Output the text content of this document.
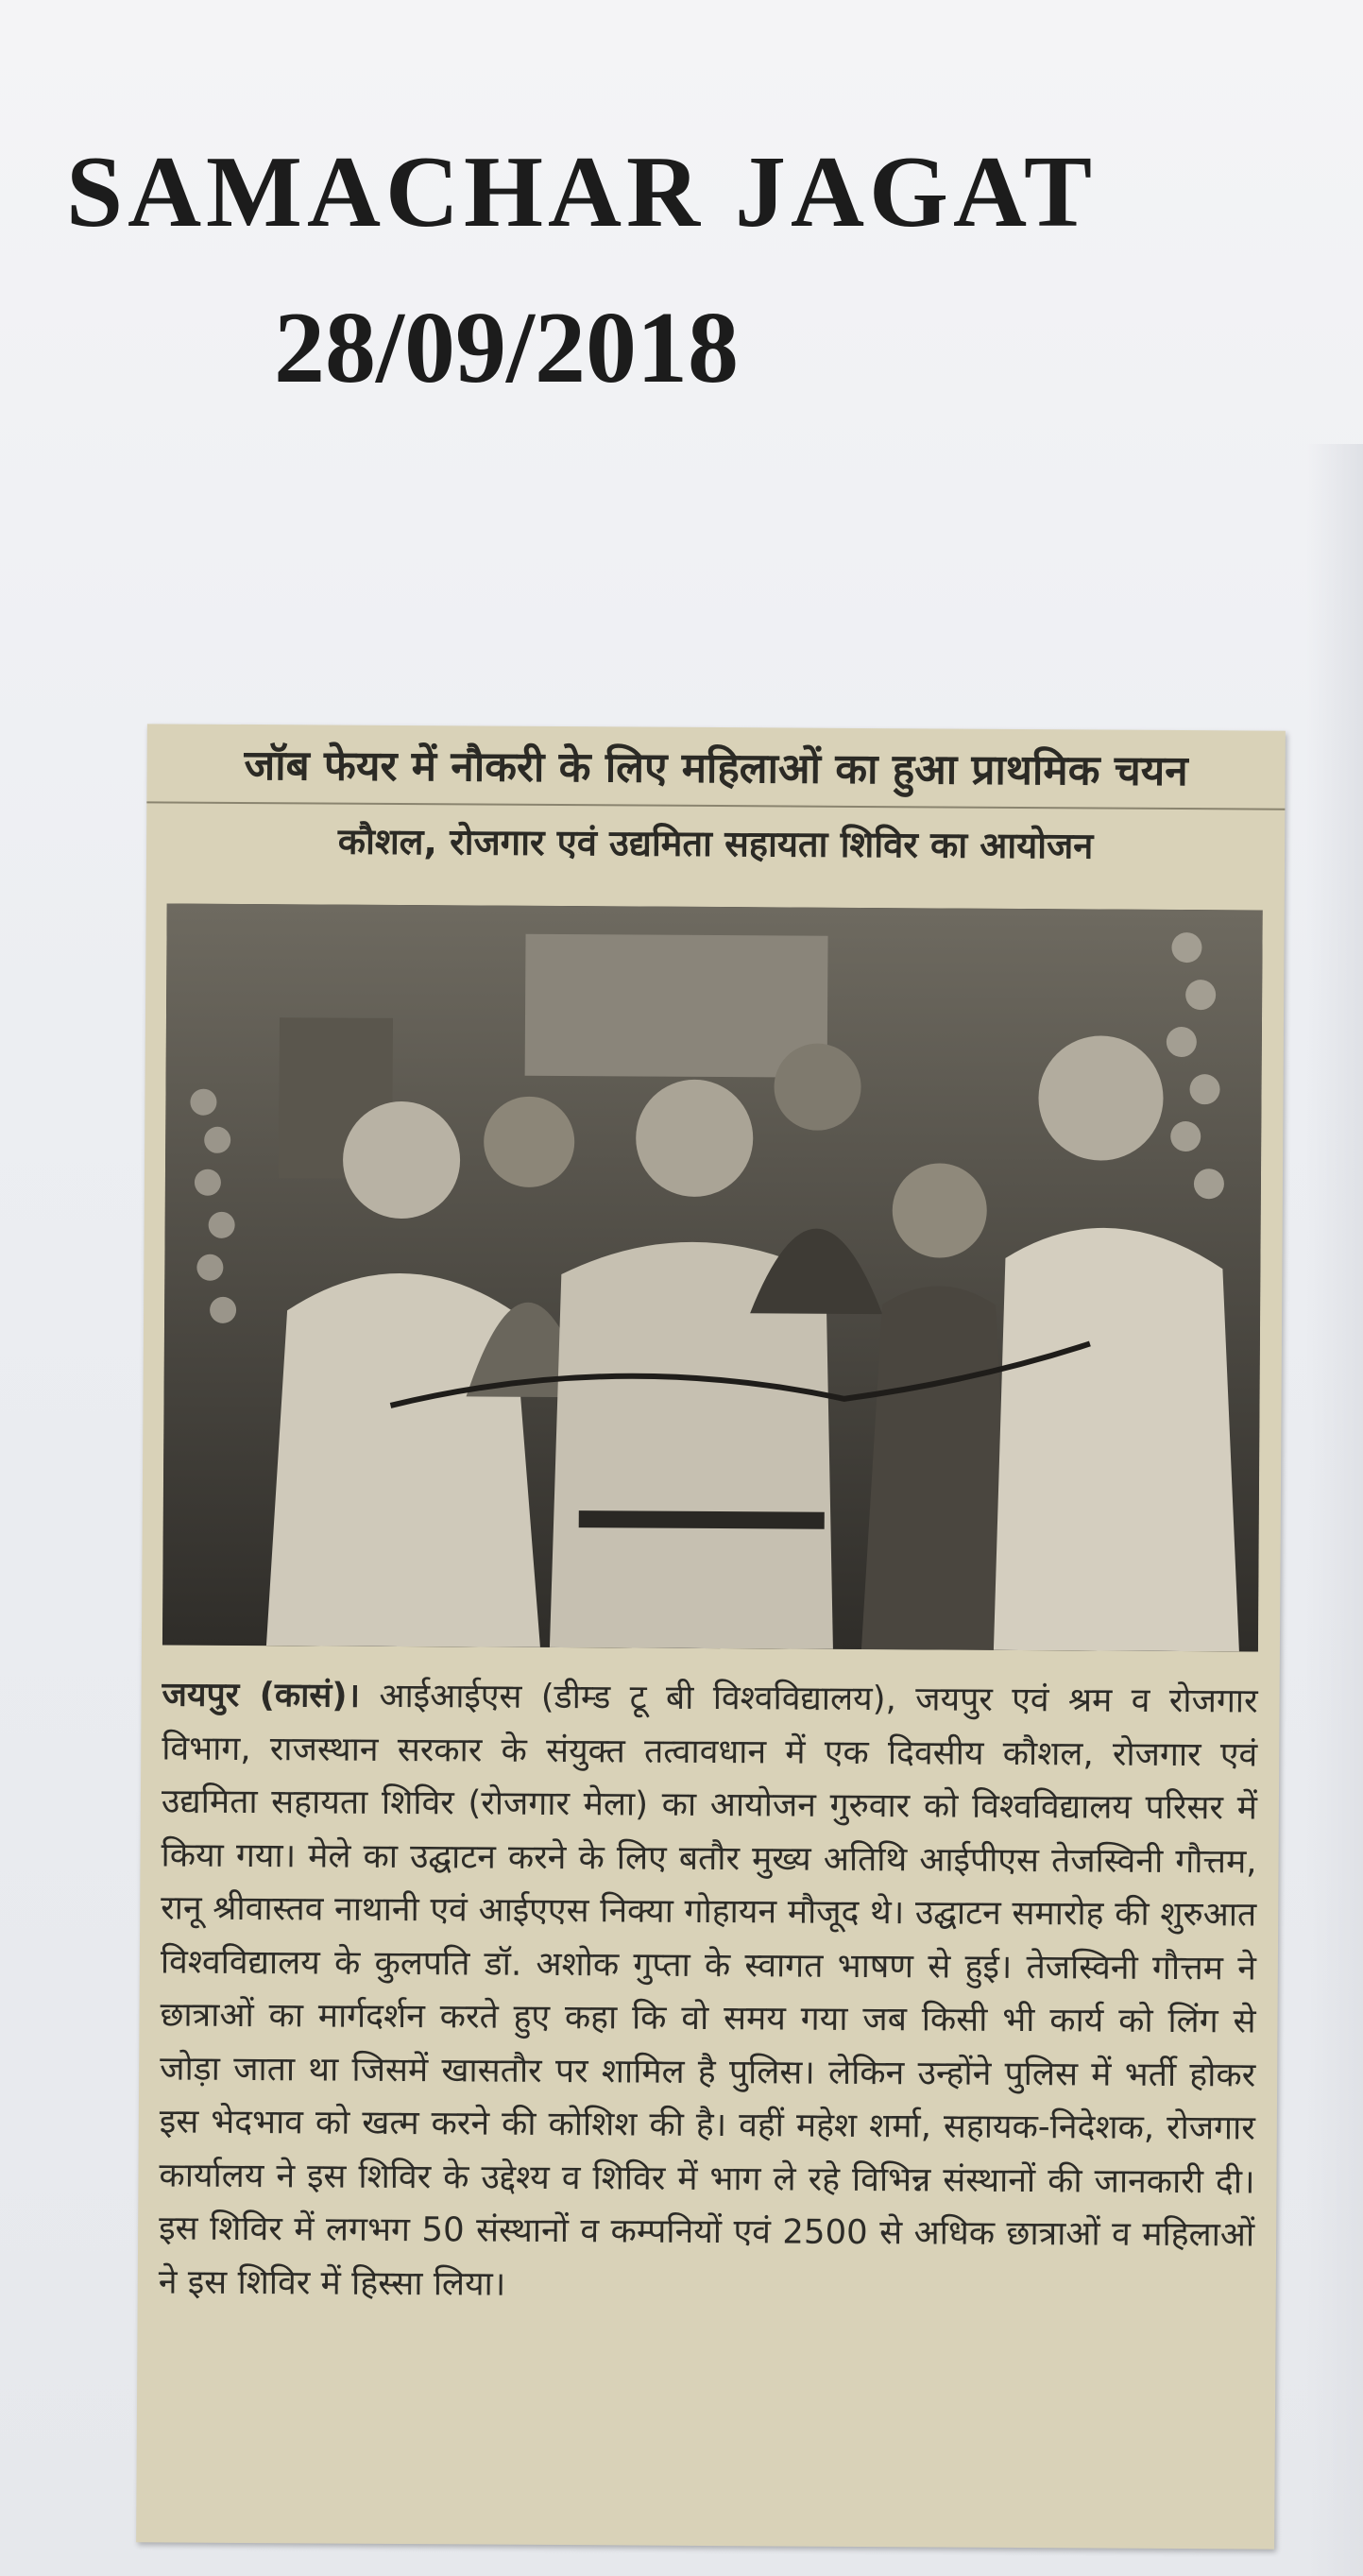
SAMACHAR JAGAT
28/09/2018
जॉब फेयर में नौकरी के लिए महिलाओं का हुआ प्राथमिक चयन
कौशल, रोजगार एवं उद्यमिता सहायता शिविर का आयोजन

जयपुर (कासं)। आईआईएस (डीम्ड टू बी विश्वविद्यालय), जयपुर एवं श्रम व रोजगार विभाग, राजस्थान सरकार के संयुक्त तत्वावधान में एक दिवसीय कौशल, रोजगार एवं उद्यमिता सहायता शिविर (रोजगार मेला) का आयोजन गुरुवार को विश्वविद्यालय परिसर में किया गया। मेले का उद्घाटन करने के लिए बतौर मुख्य अतिथि आईपीएस तेजस्विनी गौत्तम, रानू श्रीवास्तव नाथानी एवं आईएएस निक्या गोहायन मौजूद थे। उद्घाटन समारोह की शुरुआत विश्वविद्यालय के कुलपति डॉ. अशोक गुप्ता के स्वागत भाषण से हुई। तेजस्विनी गौत्तम ने छात्राओं का मार्गदर्शन करते हुए कहा कि वो समय गया जब किसी भी कार्य को लिंग से जोड़ा जाता था जिसमें खासतौर पर शामिल है पुलिस। लेकिन उन्होंने पुलिस में भर्ती होकर इस भेदभाव को खत्म करने की कोशिश की है। वहीं महेश शर्मा, सहायक-निदेशक, रोजगार कार्यालय ने इस शिविर के उद्देश्य व शिविर में भाग ले रहे विभिन्न संस्थानों की जानकारी दी। इस शिविर में लगभग 50 संस्थानों व कम्पनियों एवं 2500 से अधिक छात्राओं व महिलाओं ने इस शिविर में हिस्सा लिया।
